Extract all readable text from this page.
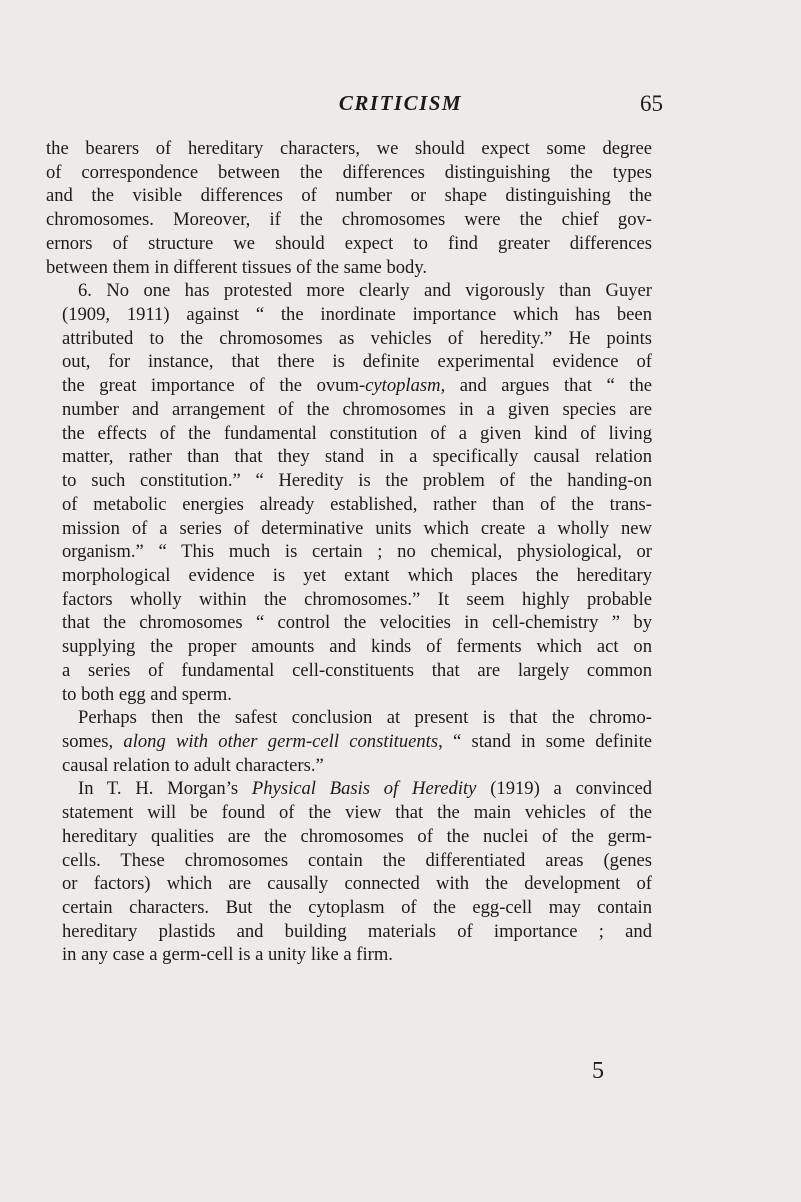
CRITICISM	65
the bearers of hereditary characters, we should expect some degree
of correspondence between the differences distinguishing the types
and the visible differences of number or shape distinguishing the
chromosomes. Moreover, if the chromosomes were the chief gov-
ernors of structure we should expect to find greater differences
between them in different tissues of the same body.
6. No one has protested more clearly and vigorously than Guyer
(1909, 1911) against “ the inordinate importance which has been
attributed to the chromosomes as vehicles of heredity.” He points
out, for instance, that there is definite experimental evidence of
the great importance of the ovum-cytoplasm, and argues that “ the
number and arrangement of the chromosomes in a given species are
the effects of the fundamental constitution of a given kind of living
matter, rather than that they stand in a specifically causal relation
to such constitution.” “ Heredity is the problem of the handing-on
of metabolic energies already established, rather than of the trans-
mission of a series of determinative units which create a wholly new
organism.” “ This much is certain ; no chemical, physiological, or
morphological evidence is yet extant which places the hereditary
factors wholly within the chromosomes.” It seem highly probable
that the chromosomes “ control the velocities in cell-chemistry ” by
supplying the proper amounts and kinds of ferments which act on
a series of fundamental cell-constituents that are largely common
to both egg and sperm.
Perhaps then the safest conclusion at present is that the chromo-
somes, along with other germ-cell constituents, “ stand in some definite
causal relation to adult characters.”
In T. H. Morgan’s Physical Basis of Heredity (1919) a convinced
statement will be found of the view that the main vehicles of the
hereditary qualities are the chromosomes of the nuclei of the germ-
cells. These chromosomes contain the differentiated areas (genes
or factors) which are causally connected with the development of
certain characters. But the cytoplasm of the egg-cell may contain
hereditary plastids and building materials of importance ; and
in any case a germ-cell is a unity like a firm.
5
